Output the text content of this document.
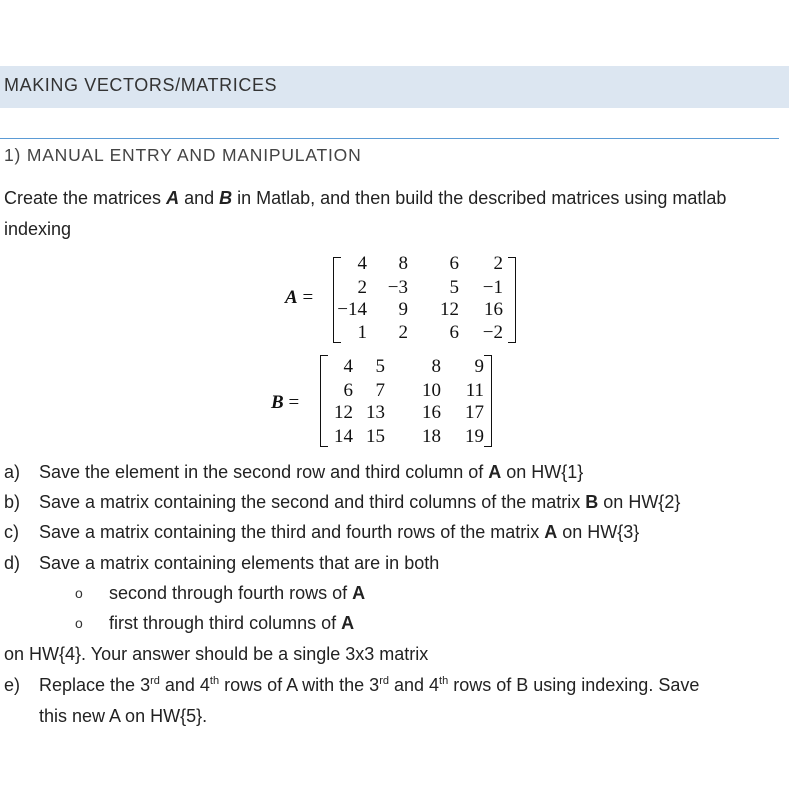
MAKING VECTORS/MATRICES
1) MANUAL ENTRY AND MANIPULATION
Create the matrices A and B in Matlab, and then build the described matrices using matlab indexing
A =
4 8 6 2
2 −3 5 −1
−14 9 12 16
1 2 6 −2
B =
4 5 8 9
6 7 10 11
12 13 16 17
14 15 18 19
a) Save the element in the second row and third column of A on HW{1}
b) Save a matrix containing the second and third columns of the matrix B on HW{2}
c) Save a matrix containing the third and fourth rows of the matrix A on HW{3}
d) Save a matrix containing elements that are in both
o second through fourth rows of A
o first through third columns of A
on HW{4}. Your answer should be a single 3x3 matrix
e) Replace the 3rd and 4th rows of A with the 3rd and 4th rows of B using indexing. Save
this new A on HW{5}.
